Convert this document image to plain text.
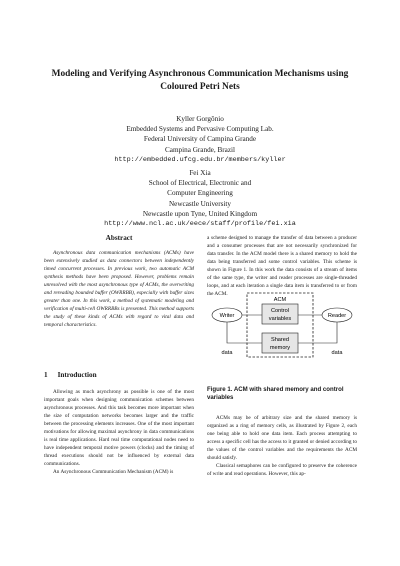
Modeling and Verifying Asynchronous Communication Mechanisms using
Coloured Petri Nets
Kyller Gorgônio
Embedded Systems and Pervasive Computing Lab.
Federal University of Campina Grande
Campina Grande, Brazil
http://embedded.ufcg.edu.br/members/kyller
Fei Xia
School of Electrical, Electronic and
Computer Engineering
Newcastle University
Newcastle upon Tyne, United Kingdom
http://www.ncl.ac.uk/eece/staff/profile/fei.xia
Abstract

Asynchronous data communication mechanisms (ACMs) have been extensively studied as data connectors between independently timed concurrent processes. In previous work, two automatic ACM synthesis methods have been proposed. However, problems remain unresolved with the most asynchronous type of ACMs, the overwriting and rereading bounded buffer (OWRRBB), especially with buffer sizes greater than one. In this work, a method of systematic modeling and verification of multi-cell OWRRBBs is presented. This method supports the study of these kinds of ACMs with regard to vital data and temporal characteristics.

1 Introduction

Allowing as much asynchrony as possible is one of the most important goals when designing communication schemes between asynchronous processes. And this task becomes more important when the size of computation networks becomes larger and the traffic between the processing elements increases. One of the most important motivations for allowing maximal asynchrony in data communications is real time applications. Hard real time computational nodes need to have independent temporal motive powers (clocks) and the timing of thread executions should not be influenced by external data communications.

An Asynchronous Communication Mechanism (ACM) is

a scheme designed to manage the transfer of data between a producer and a consumer processes that are not necessarily synchronized for data transfer. In the ACM model there is a shared memory to hold the data being transferred and some control variables. This scheme is shown in Figure 1. In this work the data consists of a stream of items of the same type, the writer and reader processes are single-threaded loops, and at each iteration a single data item is transferred to or from the ACM.

ACM
Control
variables
Shared
memory
Writer	Reader
data	data

Figure 1. ACM with shared memory and control variables

ACMs may be of arbitrary size and the shared memory is organized as a ring of memory cells, as illustrated by Figure 2, each one being able to hold one data item. Each process attempting to access a specific cell has the access to it granted or denied according to the values of the control variables and the requirements the ACM should satisfy.

Classical semaphores can be configured to preserve the coherence of write and read operations. However, this ap-
